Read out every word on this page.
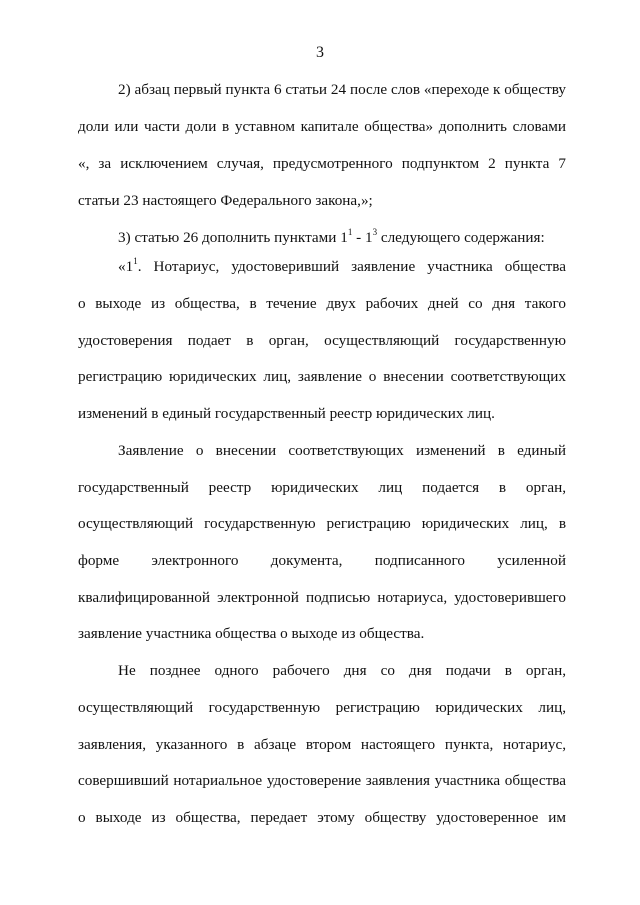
3
2) абзац первый пункта 6 статьи 24 после слов «переходе к обществу
доли или части доли в уставном капитале общества» дополнить словами
«, за исключением случая, предусмотренного подпунктом 2 пункта 7
статьи 23 настоящего Федерального закона,»;
3) статью 26 дополнить пунктами $1^1 - 1^3$ следующего содержания:
«$1^1$. Нотариус, удостоверивший заявление участника общества
о выходе из общества, в течение двух рабочих дней со дня такого
удостоверения подает в орган, осуществляющий государственную
регистрацию юридических лиц, заявление о внесении соответствующих
изменений в единый государственный реестр юридических лиц.
Заявление о внесении соответствующих изменений в единый
государственный реестр юридических лиц подается в орган,
осуществляющий государственную регистрацию юридических лиц, в
форме электронного документа, подписанного усиленной
квалифицированной электронной подписью нотариуса, удостоверившего
заявление участника общества о выходе из общества.
Не позднее одного рабочего дня со дня подачи в орган,
осуществляющий государственную регистрацию юридических лиц,
заявления, указанного в абзаце втором настоящего пункта, нотариус,
совершивший нотариальное удостоверение заявления участника общества
о выходе из общества, передает этому обществу удостоверенное им
